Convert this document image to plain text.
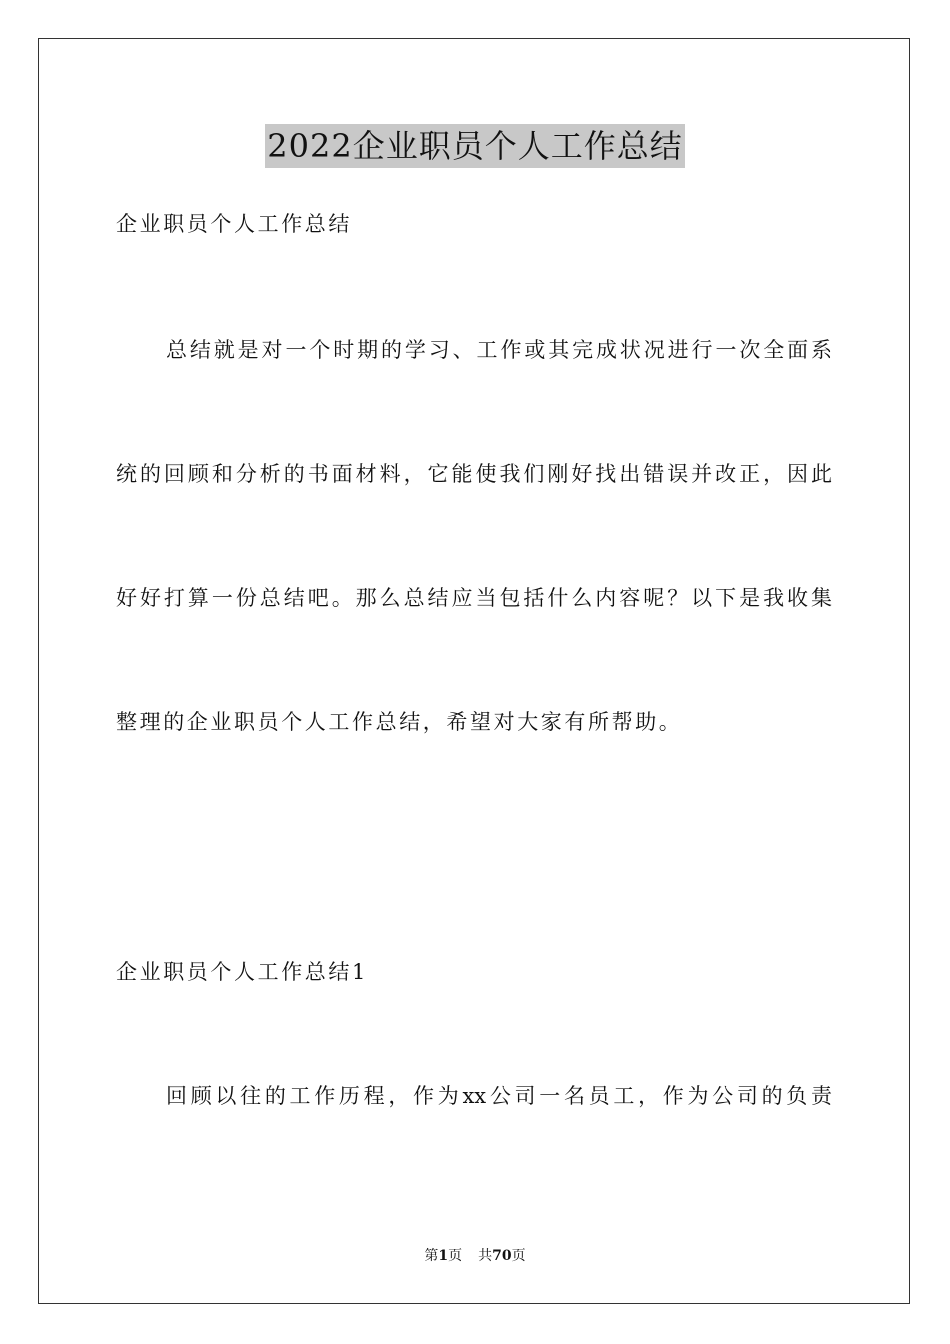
2022企业职员个人工作总结
企业职员个人工作总结
总结就是对一个时期的学习、工作或其完成状况进行一次全面系
统的回顾和分析的书面材料，它能使我们刚好找出错误并改正，因此
好好打算一份总结吧。那么总结应当包括什么内容呢？以下是我收集
整理的企业职员个人工作总结，希望对大家有所帮助。
企业职员个人工作总结1
回顾以往的工作历程，作为xx公司一名员工，作为公司的负责
第1页 共70页
